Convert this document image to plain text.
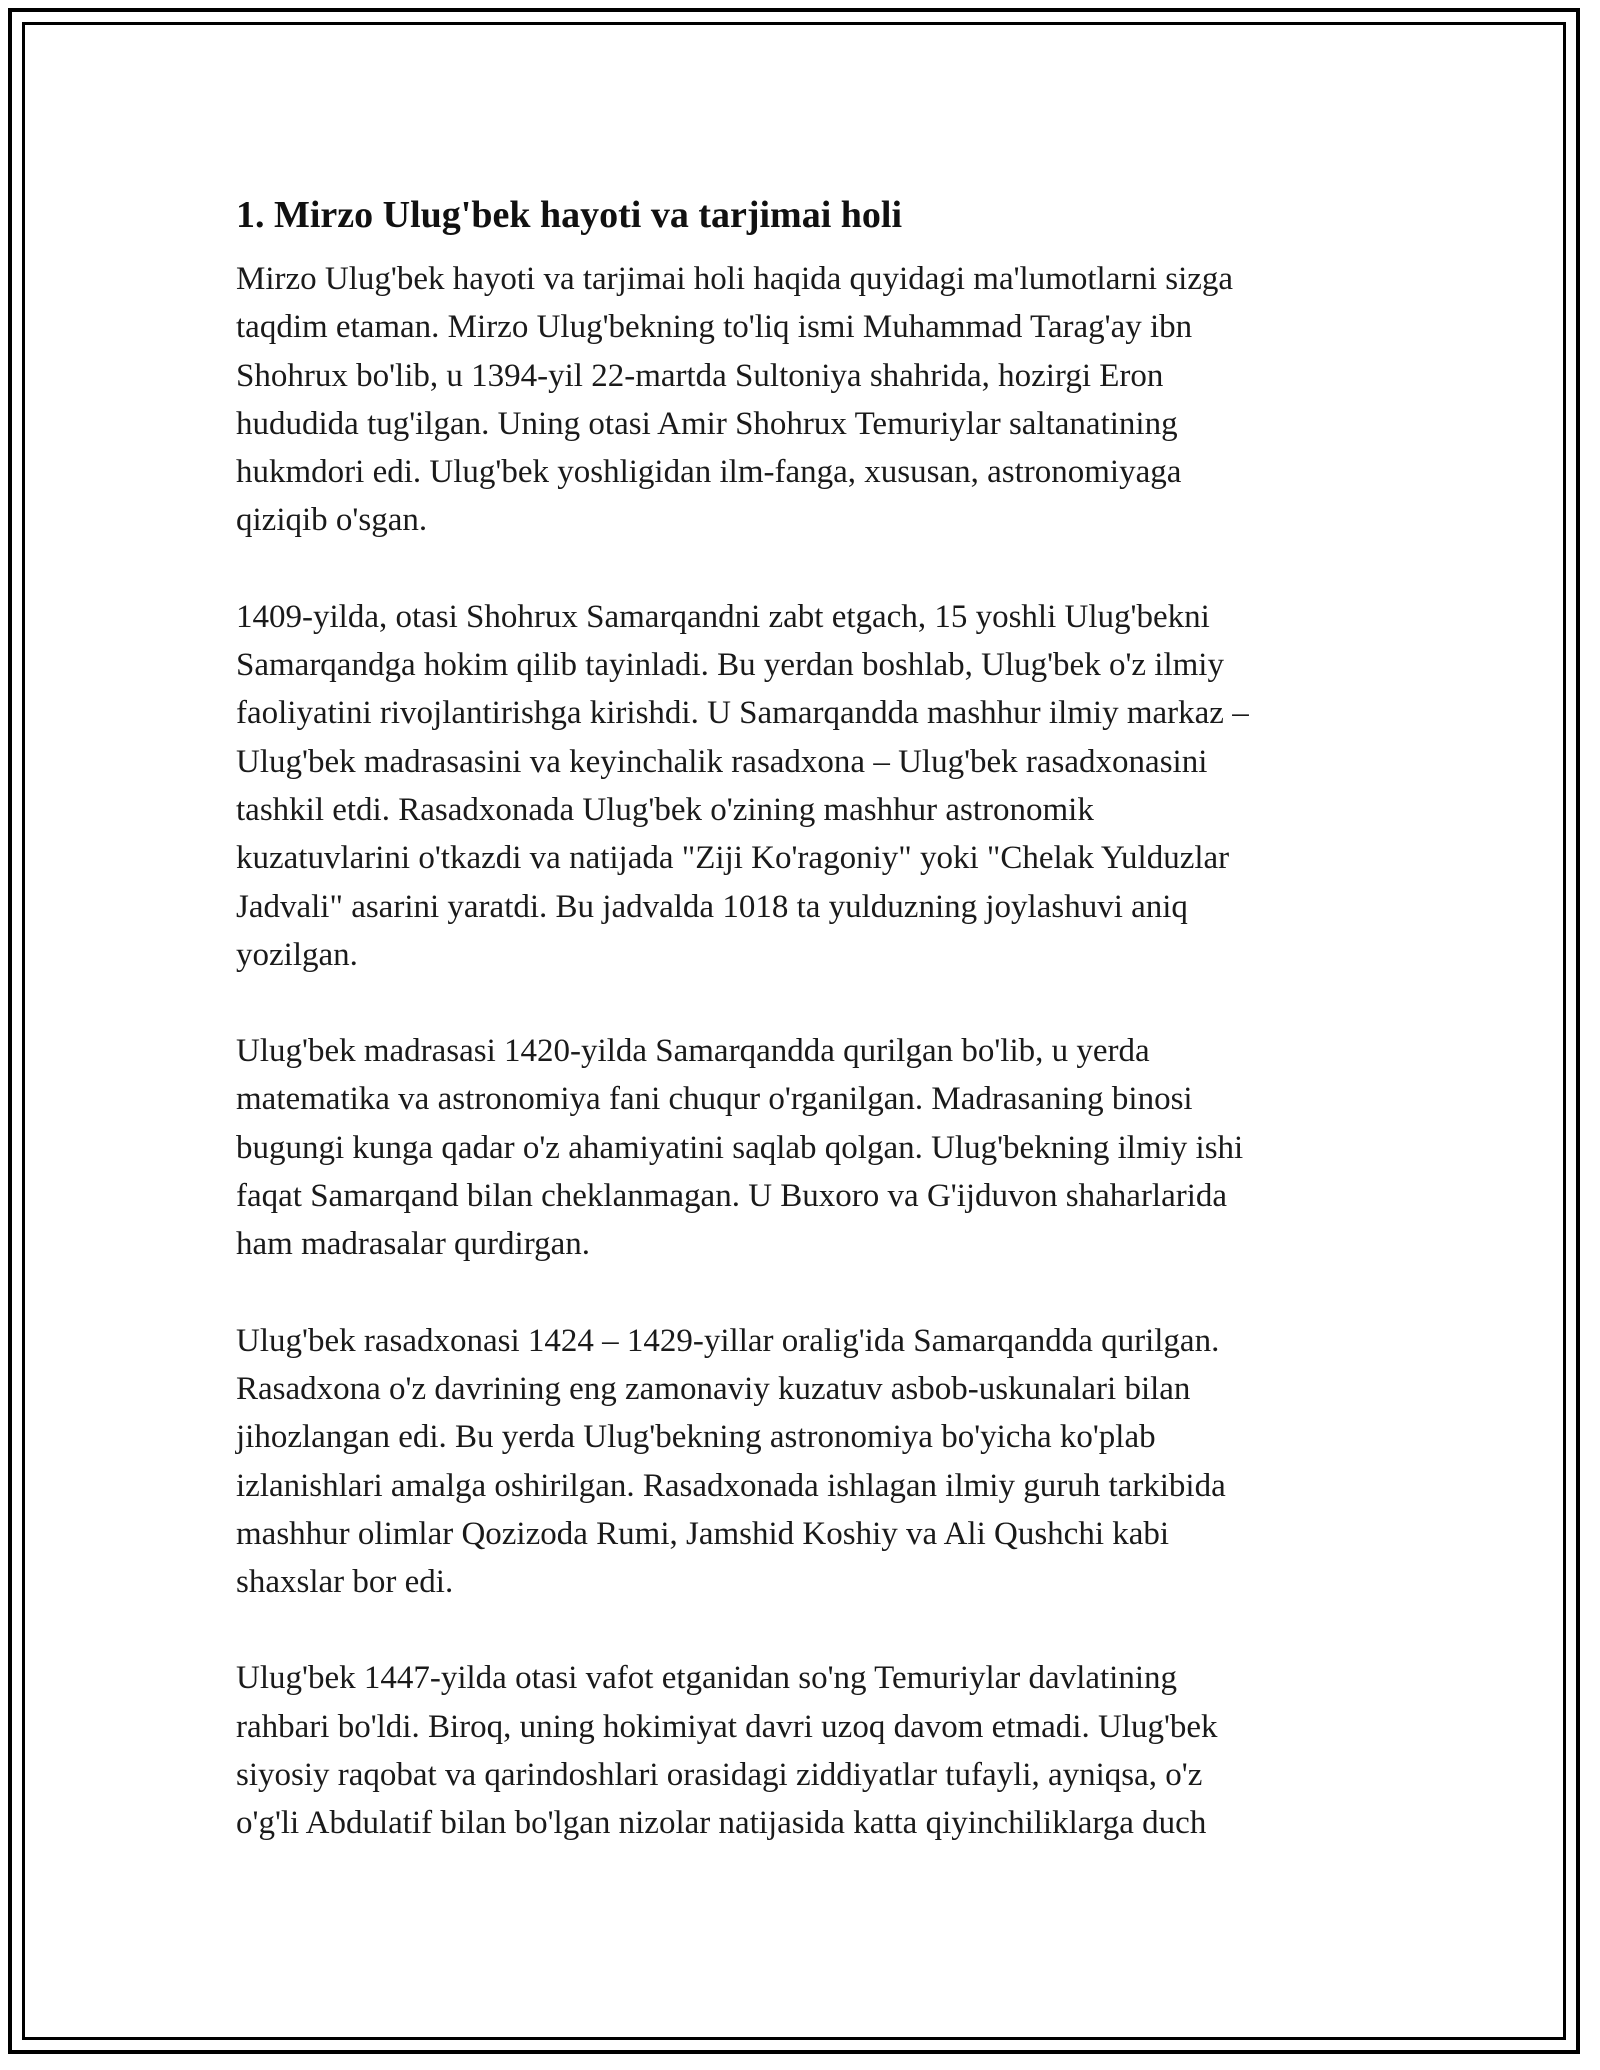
1. Mirzo Ulug'bek hayoti va tarjimai holi

Mirzo Ulug'bek hayoti va tarjimai holi haqida quyidagi ma'lumotlarni sizga
taqdim etaman. Mirzo Ulug'bekning to'liq ismi Muhammad Tarag'ay ibn
Shohrux bo'lib, u 1394-yil 22-martda Sultoniya shahrida, hozirgi Eron
hududida tug'ilgan. Uning otasi Amir Shohrux Temuriylar saltanatining
hukmdori edi. Ulug'bek yoshligidan ilm-fanga, xususan, astronomiyaga
qiziqib o'sgan.

1409-yilda, otasi Shohrux Samarqandni zabt etgach, 15 yoshli Ulug'bekni
Samarqandga hokim qilib tayinladi. Bu yerdan boshlab, Ulug'bek o'z ilmiy
faoliyatini rivojlantirishga kirishdi. U Samarqandda mashhur ilmiy markaz –
Ulug'bek madrasasini va keyinchalik rasadxona – Ulug'bek rasadxonasini
tashkil etdi. Rasadxonada Ulug'bek o'zining mashhur astronomik
kuzatuvlarini o'tkazdi va natijada "Ziji Ko'ragoniy" yoki "Chelak Yulduzlar
Jadvali" asarini yaratdi. Bu jadvalda 1018 ta yulduzning joylashuvi aniq
yozilgan.

Ulug'bek madrasasi 1420-yilda Samarqandda qurilgan bo'lib, u yerda
matematika va astronomiya fani chuqur o'rganilgan. Madrasaning binosi
bugungi kunga qadar o'z ahamiyatini saqlab qolgan. Ulug'bekning ilmiy ishi
faqat Samarqand bilan cheklanmagan. U Buxoro va G'ijduvon shaharlarida
ham madrasalar qurdirgan.

Ulug'bek rasadxonasi 1424 – 1429-yillar oralig'ida Samarqandda qurilgan.
Rasadxona o'z davrining eng zamonaviy kuzatuv asbob-uskunalari bilan
jihozlangan edi. Bu yerda Ulug'bekning astronomiya bo'yicha ko'plab
izlanishlari amalga oshirilgan. Rasadxonada ishlagan ilmiy guruh tarkibida
mashhur olimlar Qozizoda Rumi, Jamshid Koshiy va Ali Qushchi kabi
shaxslar bor edi.

Ulug'bek 1447-yilda otasi vafot etganidan so'ng Temuriylar davlatining
rahbari bo'ldi. Biroq, uning hokimiyat davri uzoq davom etmadi. Ulug'bek
siyosiy raqobat va qarindoshlari orasidagi ziddiyatlar tufayli, ayniqsa, o'z
o'g'li Abdulatif bilan bo'lgan nizolar natijasida katta qiyinchiliklarga duch
